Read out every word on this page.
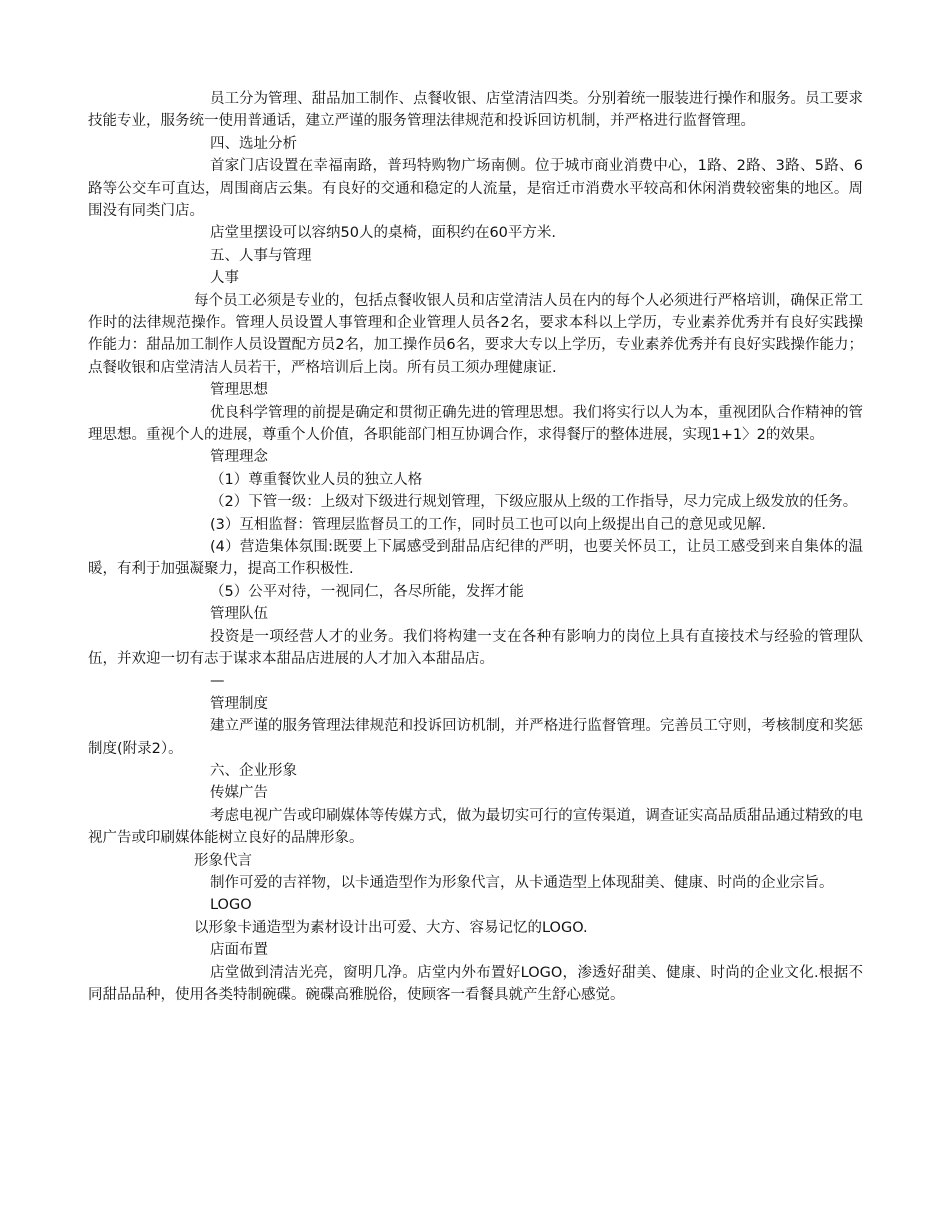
员工分为管理、甜品加工制作、点餐收银、店堂清洁四类。分别着统一服装进行操作和服务。员工要求技能专业，服务统一使用普通话，建立严谨的服务管理法律规范和投诉回访机制，并严格进行监督管理。

四、选址分析

首家门店设置在幸福南路，普玛特购物广场南侧。位于城市商业消费中心，1路、2路、3路、5路、6路等公交车可直达，周围商店云集。有良好的交通和稳定的人流量，是宿迁市消费水平较高和休闲消费较密集的地区。周围没有同类门店。

店堂里摆设可以容纳50人的桌椅，面积约在60平方米.

五、人事与管理

人事

每个员工必须是专业的，包括点餐收银人员和店堂清洁人员在内的每个人必须进行严格培训，确保正常工作时的法律规范操作。管理人员设置人事管理和企业管理人员各2名，要求本科以上学历，专业素养优秀并有良好实践操作能力：甜品加工制作人员设置配方员2名，加工操作员6名，要求大专以上学历，专业素养优秀并有良好实践操作能力；点餐收银和店堂清洁人员若干，严格培训后上岗。所有员工须办理健康证.

管理思想

优良科学管理的前提是确定和贯彻正确先进的管理思想。我们将实行以人为本，重视团队合作精神的管理思想。重视个人的进展，尊重个人价值，各职能部门相互协调合作，求得餐厅的整体进展，实现1+1〉2的效果。

管理理念

（1）尊重餐饮业人员的独立人格

（2）下管一级：上级对下级进行规划管理，下级应服从上级的工作指导，尽力完成上级发放的任务。

(3）互相监督：管理层监督员工的工作，同时员工也可以向上级提出自己的意见或见解.

(4）营造集体氛围:既要上下属感受到甜品店纪律的严明，也要关怀员工，让员工感受到来自集体的温暖，有利于加强凝聚力，提高工作积极性.

（5）公平对待，一视同仁，各尽所能，发挥才能

管理队伍

投资是一项经营人才的业务。我们将构建一支在各种有影响力的岗位上具有直接技术与经验的管理队伍，并欢迎一切有志于谋求本甜品店进展的人才加入本甜品店。

—

管理制度

建立严谨的服务管理法律规范和投诉回访机制，并严格进行监督管理。完善员工守则，考核制度和奖惩制度(附录2）。

六、企业形象

传媒广告

考虑电视广告或印刷媒体等传媒方式，做为最切实可行的宣传渠道，调查证实高品质甜品通过精致的电视广告或印刷媒体能树立良好的品牌形象。

形象代言

制作可爱的吉祥物，以卡通造型作为形象代言，从卡通造型上体现甜美、健康、时尚的企业宗旨。

LOGO

以形象卡通造型为素材设计出可爱、大方、容易记忆的LOGO.

店面布置

店堂做到清洁光亮，窗明几净。店堂内外布置好LOGO，渗透好甜美、健康、时尚的企业文化.根据不同甜品品种，使用各类特制碗碟。碗碟高雅脱俗，使顾客一看餐具就产生舒心感觉。
